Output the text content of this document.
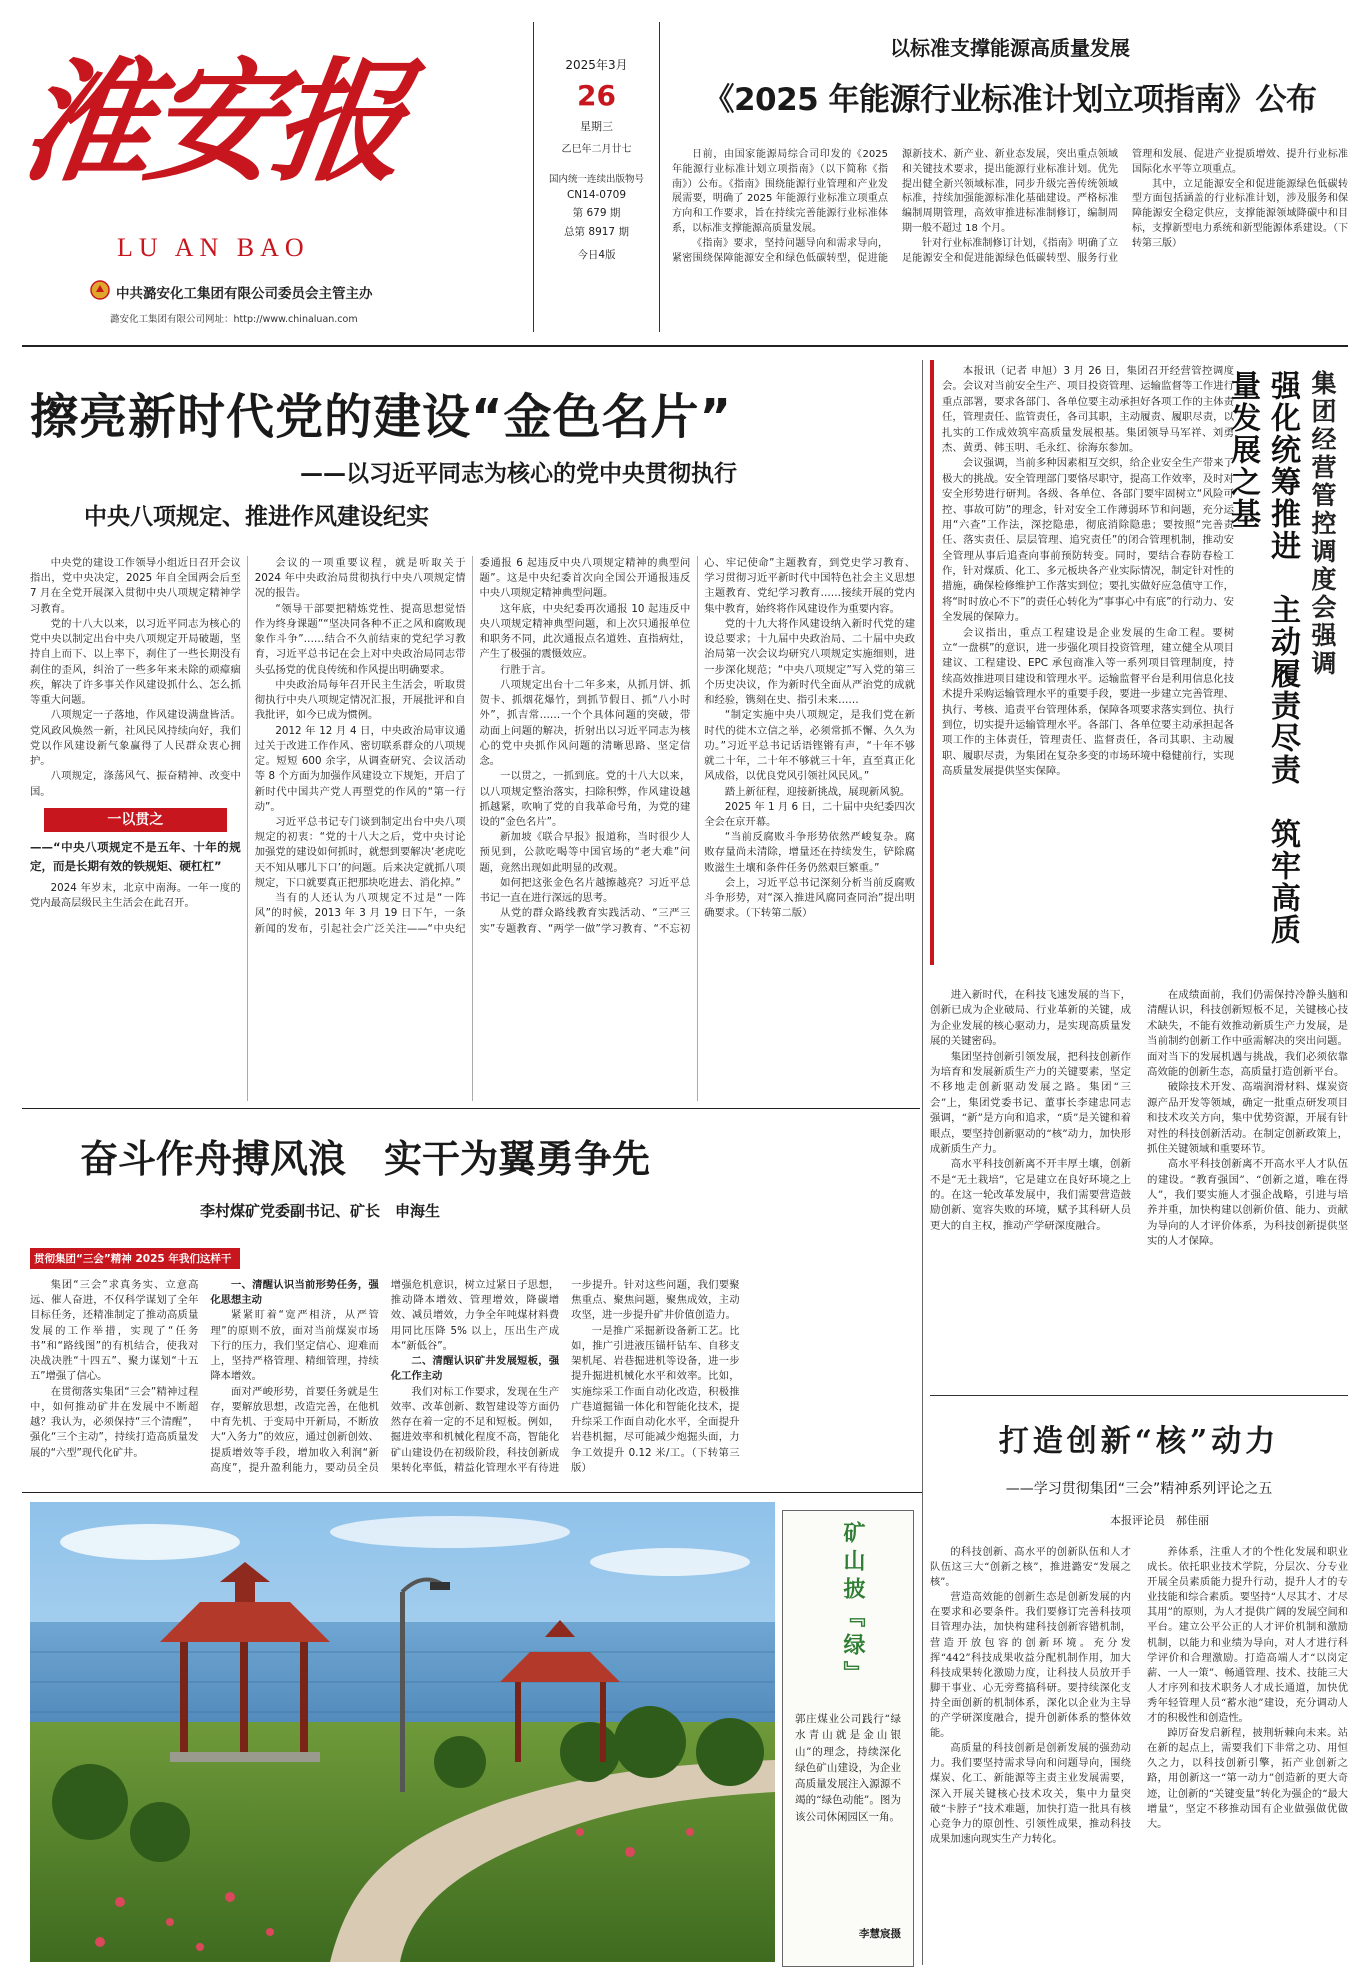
淮安报
LU AN BAO
中共潞安化工集团有限公司委员会主管主办
潞安化工集团有限公司网址：http://www.chinaluan.com
2025年3月
26
星期三
乙巳年二月廿七
国内统一连续出版物号
CN14-0709
第 679 期
总第 8917 期
今日4版
以标准支撑能源高质量发展
《2025 年能源行业标准计划立项指南》公布

日前，由国家能源局综合司印发的《2025 年能源行业标准计划立项指南》（以下简称《指南》）公布。《指南》围绕能源行业管理和产业发展需要，明确了 2025 年能源行业标准立项重点方向和工作要求，旨在持续完善能源行业标准体系，以标准支撑能源高质量发展。

《指南》要求，坚持问题导向和需求导向，紧密围绕保障能源安全和绿色低碳转型，促进能源新技术、新产业、新业态发展，突出重点领域和关键技术要求，提出能源行业标准计划。优先提出健全新兴领域标准，同步升级完善传统领域标准，持续加强能源标准化基础建设。严格标准编制周期管理，高效审推进标准制修订，编制周期一般不超过 18 个月。

针对行业标准制修订计划，《指南》明确了立足能源安全和促进能源绿色低碳转型、服务行业管理和发展、促进产业提质增效、提升行业标准国际化水平等立项重点。

其中，立足能源安全和促进能源绿色低碳转型方面包括涵盖的行业标准计划，涉及服务和保障能源安全稳定供应，支撑能源领域降碳中和目标，支撑新型电力系统和新型能源体系建设。（下转第三版）

擦亮新时代党的建设“金色名片”
——以习近平同志为核心的党中央贯彻执行
中央八项规定、推进作风建设纪实

中央党的建设工作领导小组近日召开会议指出，党中央决定，2025 年自全国两会后至 7 月在全党开展深入贯彻中央八项规定精神学习教育。

党的十八大以来，以习近平同志为核心的党中央以制定出台中央八项规定开局破题，坚持自上而下、以上率下，刹住了一些长期没有刹住的歪风，纠治了一些多年来未除的顽瘴痼疾，解决了许多事关作风建设抓什么、怎么抓等重大问题。

八项规定一子落地，作风建设满盘皆活。党风政风焕然一新，社风民风持续向好，我们党以作风建设新气象赢得了人民群众衷心拥护。

八项规定，涤荡风气、振奋精神、改变中国。

一以贯之
——“中央八项规定不是五年、十年的规定，而是长期有效的铁规矩、硬杠杠”

2024 年岁末，北京中南海。一年一度的党内最高层级民主生活会在此召开。

会议的一项重要议程，就是听取关于 2024 年中央政治局贯彻执行中央八项规定情况的报告。

“领导干部要把精炼党性、提高思想觉悟作为终身课题”“坚决同各种不正之风和腐败现象作斗争”……结合不久前结束的党纪学习教育，习近平总书记在会上对中央政治局同志带头弘扬党的优良传统和作风提出明确要求。

中央政治局每年召开民主生活会，听取贯彻执行中央八项规定情况汇报，开展批评和自我批评，如今已成为惯例。

2012 年 12 月 4 日，中央政治局审议通过关于改进工作作风、密切联系群众的八项规定。短短 600 余字，从调查研究、会议活动等 8 个方面为加强作风建设立下规矩，开启了新时代中国共产党人再塑党的作风的“第一行动”。

习近平总书记专门谈到制定出台中央八项规定的初衷：“党的十八大之后，党中央讨论加强党的建设如何抓时，就想到要解决‘老虎吃天不知从哪儿下口’的问题。后来决定就抓八项规定，下口就要真正把那块吃进去、消化掉。”

当有的人还认为八项规定不过是“一阵风”的时候，2013 年 3 月 19 日下午，一条新闻的发布，引起社会广泛关注——“中央纪委通报 6 起违反中央八项规定精神的典型问题”。这是中央纪委首次向全国公开通报违反中央八项规定精神典型问题。

这年底，中央纪委再次通报 10 起违反中央八项规定精神典型问题，和上次只通报单位和职务不同，此次通报点名道姓、直指病灶，产生了极强的震慑效应。

行胜于言。

八项规定出台十二年多来，从抓月饼、抓贺卡、抓烟花爆竹，到抓节假日、抓“八小时外”，抓吉常……一个个具体问题的突破，带动面上问题的解决，折射出以习近平同志为核心的党中央抓作风问题的清晰思路、坚定信念。

一以贯之，一抓到底。党的十八大以来，以八项规定整治落实，扫除积弊，作风建设越抓越紧，吹响了党的自我革命号角，为党的建设的“金色名片”。

新加坡《联合早报》报道称，当时很少人预见到，公款吃喝等中国官场的“老大难”问题，竟然出现如此明显的改观。

如何把这张金色名片越擦越亮？习近平总书记一直在进行深远的思考。

从党的群众路线教育实践活动、“三严三实”专题教育、“两学一做”学习教育、“不忘初心、牢记使命”主题教育，到党史学习教育、学习贯彻习近平新时代中国特色社会主义思想主题教育、党纪学习教育……接续开展的党内集中教育，始终将作风建设作为重要内容。

党的十九大将作风建设纳入新时代党的建设总要求；十九届中央政治局、二十届中央政治局第一次会议均研究八项规定实施细则，进一步深化规范；“中央八项规定”写入党的第三个历史决议，作为新时代全面从严治党的成就和经验，镌刻在史、指引未来……

“制定实施中央八项规定，是我们党在新时代的徙木立信之举，必须常抓不懈、久久为功。”习近平总书记话语铿锵有声，“十年不够就二十年，二十年不够就三十年，直至真正化风成俗，以优良党风引领社风民风。”

踏上新征程，迎接新挑战，展现新风貌。

2025 年 1 月 6 日，二十届中央纪委四次全会在京开幕。

“当前反腐败斗争形势依然严峻复杂。腐败存量尚未清除，增量还在持续发生，铲除腐败滋生土壤和条件任务仍然艰巨繁重。”

会上，习近平总书记深刻分析当前反腐败斗争形势，对“深入推进风腐同查同治”提出明确要求。（下转第二版）

本报讯（记者 申旭）3 月 26 日，集团召开经营管控调度会。会议对当前安全生产、项目投资管理、运输监督等工作进行重点部署，要求各部门、各单位要主动承担好各项工作的主体责任，管理责任、监管责任，各司其职，主动履责、履职尽责，以扎实的工作成效筑牢高质量发展根基。集团领导马军祥、刘勇杰、黄勇、韩玉明、毛永红、徐海东参加。

会议强调，当前多种因素相互交织，给企业安全生产带来了极大的挑战。安全管理部门要恪尽职守，提高工作效率，及时对安全形势进行研判。各级、各单位、各部门要牢固树立“风险可控、事故可防”的理念，针对安全工作薄弱环节和问题，充分运用“六查”工作法，深挖隐患，彻底消除隐患；要按照“完善责任、落实责任、层层管理、追究责任”的闭合管理机制，推动安全管理从事后追查向事前预防转变。同时，要结合春防春检工作，针对煤质、化工、多元板块各产业实际情况，制定针对性的措施，确保检修维护工作落实到位；要扎实做好应急值守工作，将“时时放心不下”的责任心转化为“事事心中有底”的行动力、安全发展的保障力。

会议指出，重点工程建设是企业发展的生命工程。要树立“一盘棋”的意识，进一步强化项目投资管理，建立健全从项目建议、工程建设、EPC 承包商准入等一系列项目管理制度，持续高效推进项目建设和管理水平。运输监督平台是利用信息化技术提升采购运输管理水平的重要手段，要进一步建立完善管理、执行、考核、追责平台管理体系，保障各项要求落实到位、执行到位，切实提升运输管理水平。各部门、各单位要主动承担起各项工作的主体责任，管理责任、监督责任，各司其职、主动履职、履职尽责，为集团在复杂多变的市场环境中稳健前行，实现高质量发展提供坚实保障。	强化统筹推进　主动履责尽责　筑牢高质量发展之基	集团经营管控调度会强调

进入新时代，在科技飞速发展的当下，创新已成为企业破局、行业革新的关键，成为企业发展的核心驱动力，是实现高质量发展的关键密码。

集团坚持创新引领发展，把科技创新作为培育和发展新质生产力的关键要素，坚定不移地走创新驱动发展之路。集团“三会”上，集团党委书记、董事长李建忠同志强调，“新”是方向和追求，“质”是关键和着眼点，要坚持创新驱动的“核”动力，加快形成新质生产力。

高水平科技创新离不开丰厚土壤，创新不是“无土栽培”，它是建立在良好环境之上的。在这一轮改革发展中，我们需要营造鼓励创新、宽容失败的环境，赋予其科研人员更大的自主权，推动产学研深度融合。

在成绩面前，我们仍需保持冷静头脑和清醒认识，科技创新短板不足，关键核心技术缺失，不能有效推动新质生产力发展，是当前制约创新工作中亟需解决的突出问题。面对当下的发展机遇与挑战，我们必须依靠高效能的创新生态，高质量打造创新平台。

破除技术开发、高端润滑材料、煤炭资源产品开发等领域，确定一批重点研发项目和技术攻关方向，集中优势资源，开展有针对性的科技创新活动。在制定创新政策上，抓住关键领域和重要环节。

高水平科技创新离不开高水平人才队伍的建设。“教育强国”、“创新之道，唯在得人”，我们要实施人才强企战略，引进与培养并重，加快构建以创新价值、能力、贡献为导向的人才评价体系，为科技创新提供坚实的人才保障。

奋斗作舟搏风浪　实干为翼勇争先
李村煤矿党委副书记、矿长　申海生
贯彻集团“三会”精神 2025 年我们这样干

集团“三会”求真务实、立意高远、催人奋进，不仅科学谋划了全年目标任务，还精准制定了推动高质量发展的工作举措，实现了“任务书”和“路线图”的有机结合，使我对决战决胜“十四五”、聚力谋划“十五五”增强了信心。

在贯彻落实集团“三会”精神过程中，如何推动矿井在发展中不断超越？我认为，必须保持“三个清醒”，强化“三个主动”，持续打造高质量发展的“六型”现代化矿井。

一、清醒认识当前形势任务，强化思想主动

紧紧盯着“宽严相济，从严管理”的原则不放，面对当前煤炭市场下行的压力，我们坚定信心、迎难而上，坚持严格管理、精细管理，持续降本增效。

面对严峻形势，首要任务就是生存，要解放思想，改造完善，在他机中育先机、于变局中开新局，不断放大“入务力”的效应，通过创新创效、提质增效等手段，增加收入利润“新高度”，提升盈利能力，要动员全员增强危机意识，树立过紧日子思想，推动降本增效、管理增效，降碳增效、减员增效，力争全年吨煤材料费用同比压降 5% 以上，压出生产成本“新低谷”。

二、清醒认识矿井发展短板，强化工作主动

我们对标工作要求，发现在生产效率、改革创新、数智建设等方面仍然存在着一定的不足和短板。例如，掘进效率和机械化程度不高，智能化矿山建设仍在初级阶段，科技创新成果转化率低，精益化管理水平有待进一步提升。针对这些问题，我们要聚焦重点、聚焦问题，聚焦成效，主动攻坚，进一步提升矿井价值创造力。

一是推广采掘新设备新工艺。比如，推广引进液压锚杆钻车、自移支架机尾、岩巷掘进机等设备，进一步提升掘进机械化水平和效率。比如，实施综采工作面自动化改造，积极推广巷道掘锚一体化和智能化技术，提升综采工作面自动化水平，全面提升岩巷机掘，尽可能减少炮掘头面，力争工效提升 0.12 米/工。（下转第三版）

打造创新“核”动力
——学习贯彻集团“三会”精神系列评论之五
本报评论员　郝佳丽
矿山披『绿』
郭庄煤业公司践行“绿水青山就是金山银山”的理念，持续深化绿色矿山建设，为企业高质量发展注入源源不竭的“绿色动能”。图为该公司休闲园区一角。
李慧宸摄

的科技创新、高水平的创新队伍和人才队伍这三大“创新之核”，推进潞安“发展之核”。

营造高效能的创新生态是创新发展的内在要求和必要条件。我们要修订完善科技项目管理办法，加快构建科技创新容错机制，营造开放包容的创新环境。充分发挥“442”科技成果收益分配机制作用，加大科技成果转化激励力度，让科技人员放开手脚干事业、心无旁骛搞科研。要持续深化支持全面创新的机制体系，深化以企业为主导的产学研深度融合，提升创新体系的整体效能。

高质量的科技创新是创新发展的强劲动力。我们要坚持需求导向和问题导向，围绕煤炭、化工、新能源等主责主业发展需要，深入开展关键核心技术攻关，集中力量突破“卡脖子”技术难题，加快打造一批具有核心竞争力的原创性、引领性成果，推动科技成果加速向现实生产力转化。

养体系，注重人才的个性化发展和职业成长。依托职业技术学院，分层次、分专业开展全员素质能力提升行动，提升人才的专业技能和综合素质。要坚持“人尽其才、才尽其用”的原则，为人才提供广阔的发展空间和平台。建立公平公正的人才评价机制和激励机制，以能力和业绩为导向，对人才进行科学评价和合理激励。打造高端人才“以岗定薪、一人一策”、畅通管理、技术、技能三大人才序列和技术职务人才成长通道，加快优秀年轻管理人员“蓄水池”建设，充分调动人才的积极性和创造性。

踔厉奋发启新程，披荆斩棘向未来。站在新的起点上，需要我们下非常之功、用恒久之力，以科技创新引擎，拓产业创新之路，用创新这一“第一动力”创造新的更大奇迹，让创新的“关键变量”转化为强企的“最大增量”，坚定不移推动国有企业做强做优做大。
